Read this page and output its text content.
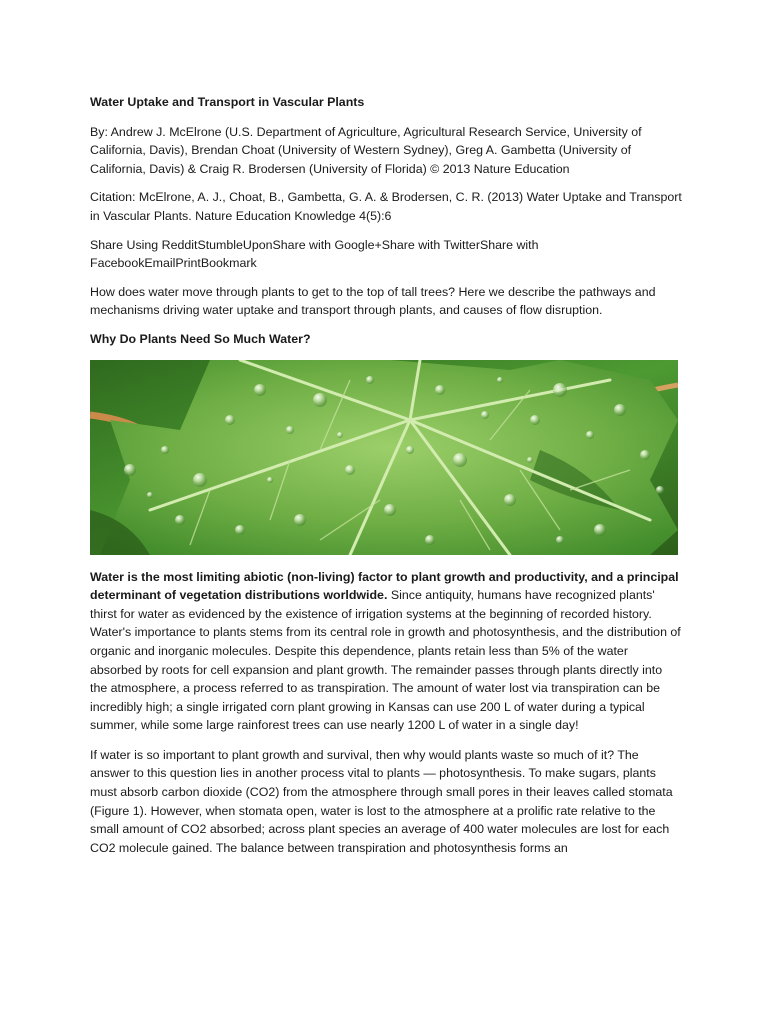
Water Uptake and Transport in Vascular Plants

By: Andrew J. McElrone (U.S. Department of Agriculture, Agricultural Research Service, University of California, Davis), Brendan Choat (University of Western Sydney), Greg A. Gambetta (University of California, Davis) & Craig R. Brodersen (University of Florida) © 2013 Nature Education

Citation: McElrone, A. J., Choat, B., Gambetta, G. A. & Brodersen, C. R. (2013) Water Uptake and Transport in Vascular Plants. Nature Education Knowledge 4(5):6

Share Using RedditStumbleUponShare with Google+Share with TwitterShare with FacebookEmailPrintBookmark

How does water move through plants to get to the top of tall trees? Here we describe the pathways and mechanisms driving water uptake and transport through plants, and causes of flow disruption.

Why Do Plants Need So Much Water?

Water is the most limiting abiotic (non-living) factor to plant growth and productivity, and a principal determinant of vegetation distributions worldwide. Since antiquity, humans have recognized plants' thirst for water as evidenced by the existence of irrigation systems at the beginning of recorded history. Water's importance to plants stems from its central role in growth and photosynthesis, and the distribution of organic and inorganic molecules. Despite this dependence, plants retain less than 5% of the water absorbed by roots for cell expansion and plant growth. The remainder passes through plants directly into the atmosphere, a process referred to as transpiration. The amount of water lost via transpiration can be incredibly high; a single irrigated corn plant growing in Kansas can use 200 L of water during a typical summer, while some large rainforest trees can use nearly 1200 L of water in a single day!

If water is so important to plant growth and survival, then why would plants waste so much of it? The answer to this question lies in another process vital to plants — photosynthesis. To make sugars, plants must absorb carbon dioxide (CO2) from the atmosphere through small pores in their leaves called stomata (Figure 1). However, when stomata open, water is lost to the atmosphere at a prolific rate relative to the small amount of CO2 absorbed; across plant species an average of 400 water molecules are lost for each CO2 molecule gained. The balance between transpiration and photosynthesis forms an
